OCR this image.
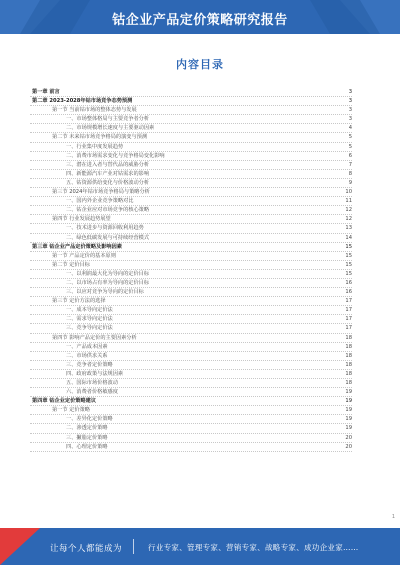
钴企业产品定价策略研究报告
内容目录
第一章 前言	3
第二章 2023-2028年钴市场竞争态势预测	3
第一节 当前钴市场的整体态势与发展	3
一、市场整体格局与主要竞争者分析	3
二、市场规模增长速度与主要驱动因素	4
第二节 未来钴市场竞争格局的演变与预测	5
一、行业集中度发展趋势	5
二、消费市场需求变化与竞争格局变化影响	6
三、潜在进入者与替代品的威胁分析	7
四、新能源汽车产业对钴需求的影响	8
五、钴资源供给变化与价格波动分析	9
第三节 2024年钴市场竞争格局与策略分析	10
一、国内外企业竞争策略对比	11
二、钴企业应对市场竞争的核心策略	12
第四节 行业发展趋势展望	12
一、技术进步与资源回收利用趋势	13
二、绿色低碳发展与可持续经营模式	14
第三章 钴企业产品定价策略及影响因素	15
第一节 产品定价的基本原则	15
第二节 定价目标	15
一、以利润最大化为导向的定价目标	15
二、以市场占有率为导向的定价目标	16
三、以应对竞争为导向的定价目标	16
第三节 定价方法的选择	17
一、成本导向定价法	17
二、需求导向定价法	17
三、竞争导向定价法	17
第四节 影响产品定价的主要因素分析	18
一、产品成本因素	18
二、市场供求关系	18
三、竞争者定价策略	18
四、政府政策与法规因素	18
五、国际市场价格波动	18
六、消费者价格敏感度	19
第四章 钴企业定价策略建议	19
第一节 定价策略	19
一、差异化定价策略	19
二、渗透定价策略	19
三、撇脂定价策略	20
四、心理定价策略	20
1
让每个人都能成为	行业专家、管理专家、营销专家、战略专家、成功企业家……
